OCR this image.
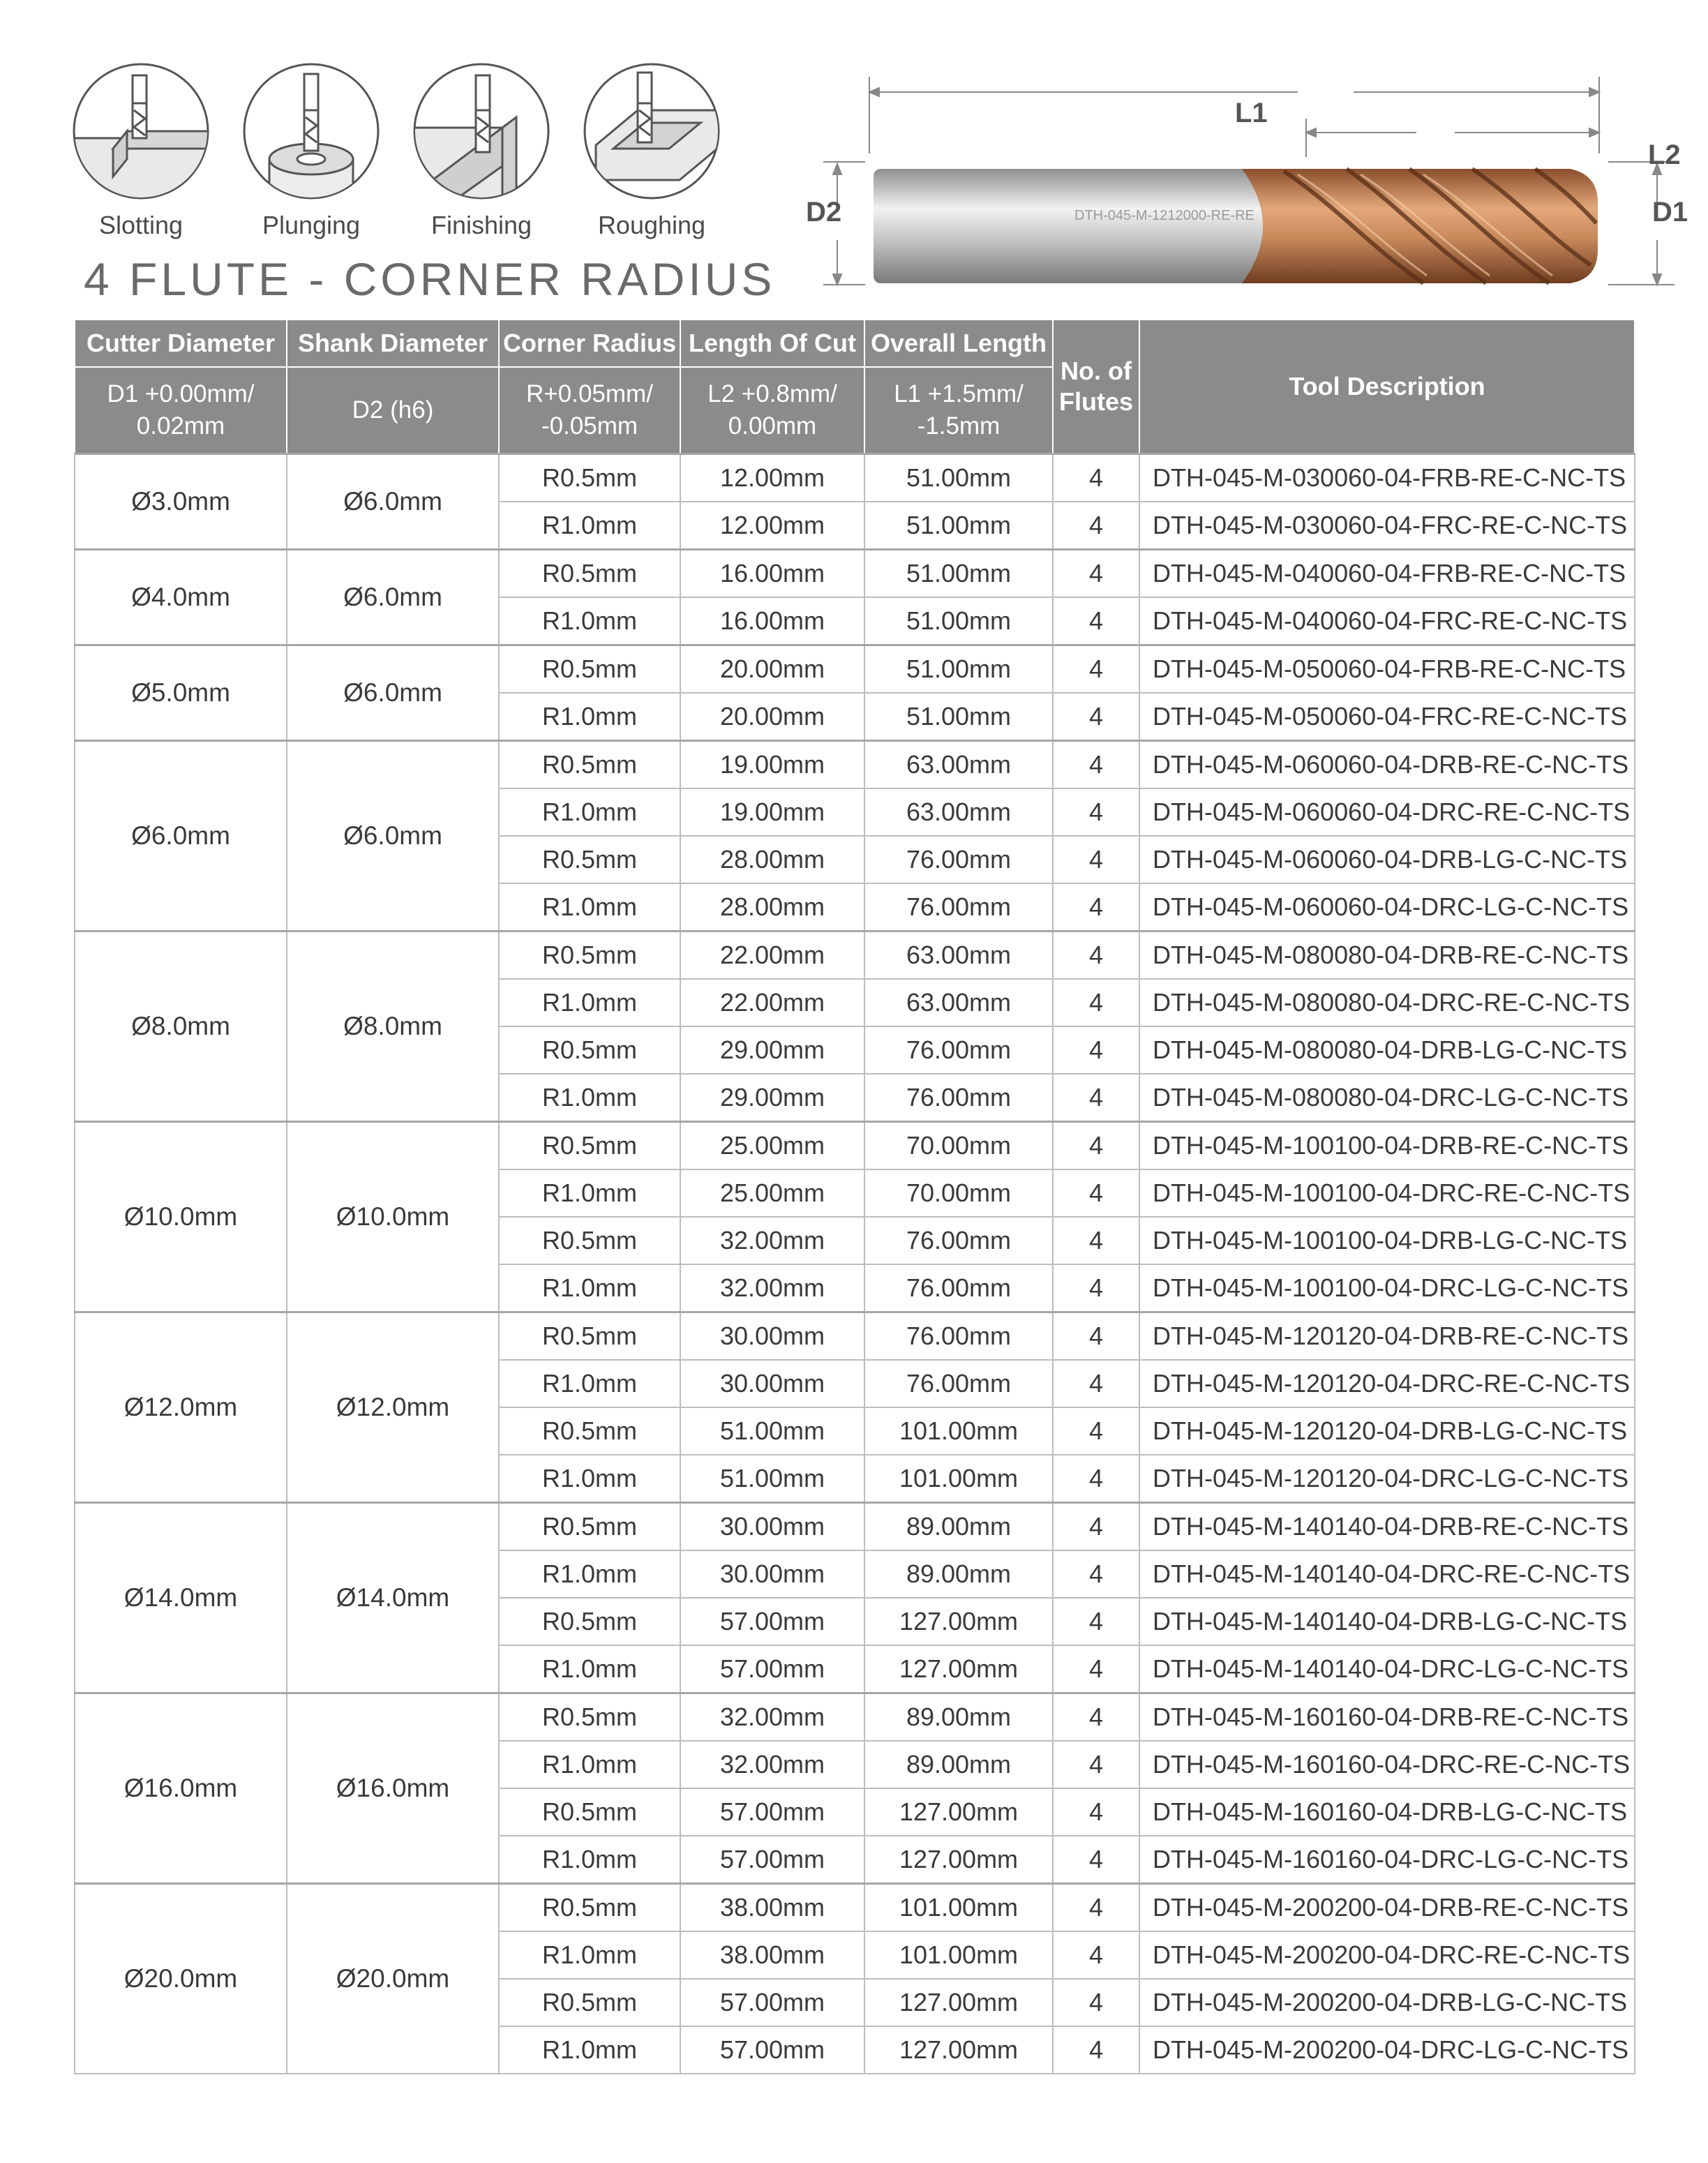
Slotting	Plunging	Finishing	Roughing
4 FLUTE - CORNER RADIUS
DTH-045-M-1212000-RE-RE
L1
L2
D2	D1
Cutter Diameter	Shank Diameter	Corner Radius	Length Of Cut	Overall Length	No. of Flutes	Tool Description
D1 +0.00mm/ 0.02mm	D2 (h6)	R+0.05mm/ -0.05mm	L2 +0.8mm/ 0.00mm	L1 +1.5mm/ -1.5mm		
Ø3.0mm	Ø6.0mm	R0.5mm	12.00mm	51.00mm	4	DTH-045-M-030060-04-FRB-RE-C-NC-TS
		R1.0mm	12.00mm	51.00mm	4	DTH-045-M-030060-04-FRC-RE-C-NC-TS
Ø4.0mm	Ø6.0mm	R0.5mm	16.00mm	51.00mm	4	DTH-045-M-040060-04-FRB-RE-C-NC-TS
		R1.0mm	16.00mm	51.00mm	4	DTH-045-M-040060-04-FRC-RE-C-NC-TS
Ø5.0mm	Ø6.0mm	R0.5mm	20.00mm	51.00mm	4	DTH-045-M-050060-04-FRB-RE-C-NC-TS
		R1.0mm	20.00mm	51.00mm	4	DTH-045-M-050060-04-FRC-RE-C-NC-TS
Ø6.0mm	Ø6.0mm	R0.5mm	19.00mm	63.00mm	4	DTH-045-M-060060-04-DRB-RE-C-NC-TS
		R1.0mm	19.00mm	63.00mm	4	DTH-045-M-060060-04-DRC-RE-C-NC-TS
		R0.5mm	28.00mm	76.00mm	4	DTH-045-M-060060-04-DRB-LG-C-NC-TS
		R1.0mm	28.00mm	76.00mm	4	DTH-045-M-060060-04-DRC-LG-C-NC-TS
Ø8.0mm	Ø8.0mm	R0.5mm	22.00mm	63.00mm	4	DTH-045-M-080080-04-DRB-RE-C-NC-TS
		R1.0mm	22.00mm	63.00mm	4	DTH-045-M-080080-04-DRC-RE-C-NC-TS
		R0.5mm	29.00mm	76.00mm	4	DTH-045-M-080080-04-DRB-LG-C-NC-TS
		R1.0mm	29.00mm	76.00mm	4	DTH-045-M-080080-04-DRC-LG-C-NC-TS
Ø10.0mm	Ø10.0mm	R0.5mm	25.00mm	70.00mm	4	DTH-045-M-100100-04-DRB-RE-C-NC-TS
		R1.0mm	25.00mm	70.00mm	4	DTH-045-M-100100-04-DRC-RE-C-NC-TS
		R0.5mm	32.00mm	76.00mm	4	DTH-045-M-100100-04-DRB-LG-C-NC-TS
		R1.0mm	32.00mm	76.00mm	4	DTH-045-M-100100-04-DRC-LG-C-NC-TS
Ø12.0mm	Ø12.0mm	R0.5mm	30.00mm	76.00mm	4	DTH-045-M-120120-04-DRB-RE-C-NC-TS
		R1.0mm	30.00mm	76.00mm	4	DTH-045-M-120120-04-DRC-RE-C-NC-TS
		R0.5mm	51.00mm	101.00mm	4	DTH-045-M-120120-04-DRB-LG-C-NC-TS
		R1.0mm	51.00mm	101.00mm	4	DTH-045-M-120120-04-DRC-LG-C-NC-TS
Ø14.0mm	Ø14.0mm	R0.5mm	30.00mm	89.00mm	4	DTH-045-M-140140-04-DRB-RE-C-NC-TS
		R1.0mm	30.00mm	89.00mm	4	DTH-045-M-140140-04-DRC-RE-C-NC-TS
		R0.5mm	57.00mm	127.00mm	4	DTH-045-M-140140-04-DRB-LG-C-NC-TS
		R1.0mm	57.00mm	127.00mm	4	DTH-045-M-140140-04-DRC-LG-C-NC-TS
Ø16.0mm	Ø16.0mm	R0.5mm	32.00mm	89.00mm	4	DTH-045-M-160160-04-DRB-RE-C-NC-TS
		R1.0mm	32.00mm	89.00mm	4	DTH-045-M-160160-04-DRC-RE-C-NC-TS
		R0.5mm	57.00mm	127.00mm	4	DTH-045-M-160160-04-DRB-LG-C-NC-TS
		R1.0mm	57.00mm	127.00mm	4	DTH-045-M-160160-04-DRC-LG-C-NC-TS
Ø20.0mm	Ø20.0mm	R0.5mm	38.00mm	101.00mm	4	DTH-045-M-200200-04-DRB-RE-C-NC-TS
		R1.0mm	38.00mm	101.00mm	4	DTH-045-M-200200-04-DRC-RE-C-NC-TS
		R0.5mm	57.00mm	127.00mm	4	DTH-045-M-200200-04-DRB-LG-C-NC-TS
		R1.0mm	57.00mm	127.00mm	4	DTH-045-M-200200-04-DRC-LG-C-NC-TS
